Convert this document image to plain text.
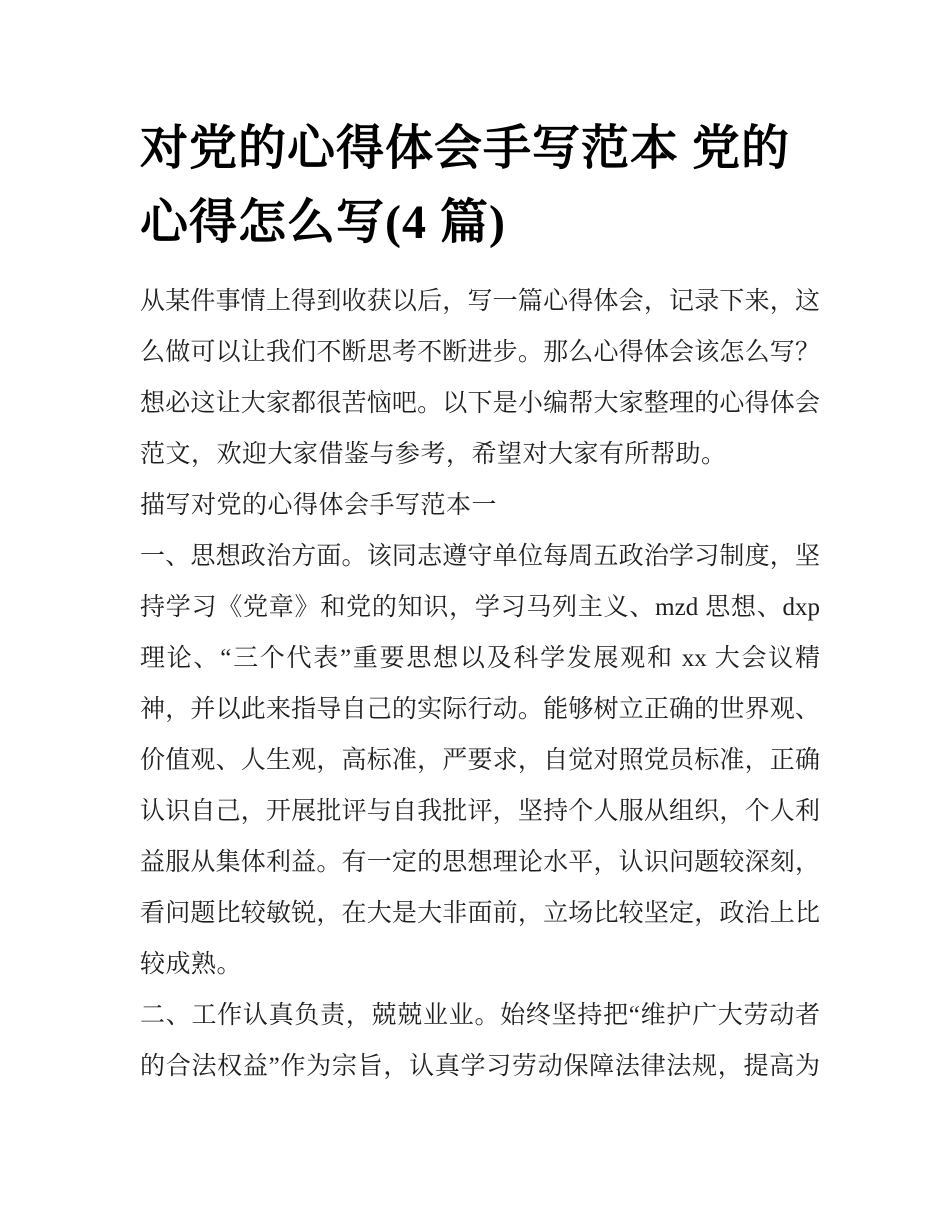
对党的心得体会手写范本 党的
心得怎么写(4 篇)
从某件事情上得到收获以后，写一篇心得体会，记录下来，这
么做可以让我们不断思考不断进步。那么心得体会该怎么写？
想必这让大家都很苦恼吧。以下是小编帮大家整理的心得体会
范文，欢迎大家借鉴与参考，希望对大家有所帮助。
描写对党的心得体会手写范本一
一、思想政治方面。该同志遵守单位每周五政治学习制度，坚
持学习《党章》和党的知识，学习马列主义、mzd 思想、dxp
理论、“三个代表”重要思想以及科学发展观和 xx 大会议精
神，并以此来指导自己的实际行动。能够树立正确的世界观、
价值观、人生观，高标准，严要求，自觉对照党员标准，正确
认识自己，开展批评与自我批评，坚持个人服从组织，个人利
益服从集体利益。有一定的思想理论水平，认识问题较深刻，
看问题比较敏锐，在大是大非面前，立场比较坚定，政治上比
较成熟。
二、工作认真负责，兢兢业业。始终坚持把“维护广大劳动者
的合法权益”作为宗旨，认真学习劳动保障法律法规，提高为
